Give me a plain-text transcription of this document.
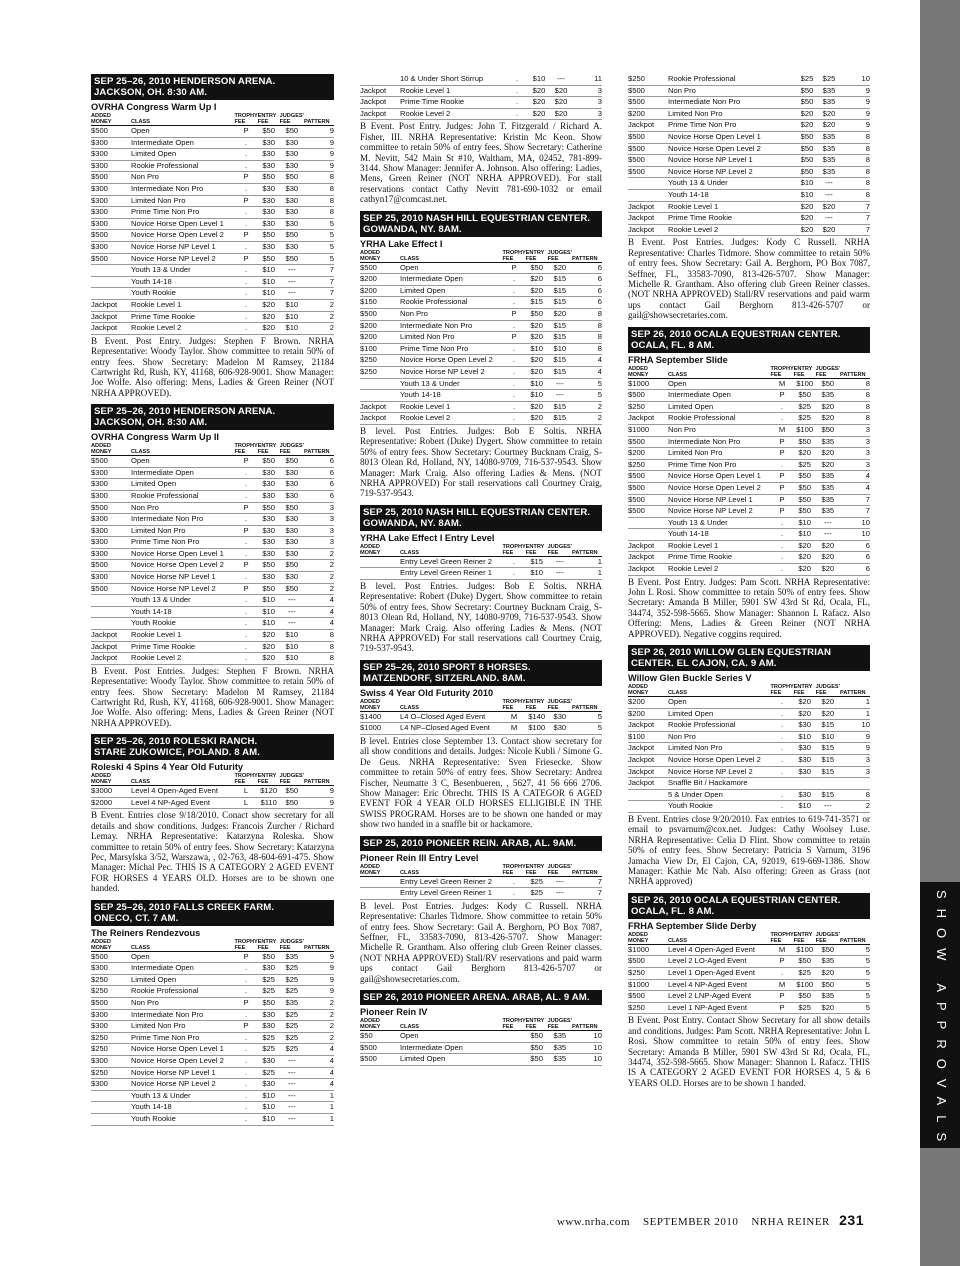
SEP 25–26, 2010 HENDERSON ARENA.
JACKSON, OH. 8:30 AM.
OVRHA Congress Warm Up I
ADDED MONEY	CLASS	TROPHY FEE	ENTRY FEE	JUDGES' FEE	PATTERN
$500	Open	P	$50	$50	9
$300	Intermediate Open	.	$30	$30	9
$300	Limited Open	.	$30	$30	9
$300	Rookie Professional	.	$30	$30	9
$500	Non Pro	P	$50	$50	8
$300	Intermediate Non Pro	.	$30	$30	8
$300	Limited Non Pro	P	$30	$30	8
$300	Prime Time Non Pro	.	$30	$30	8
$300	Novice Horse Open Level 1	.	$30	$30	5
$500	Novice Horse Open Level 2	P	$50	$50	5
$300	Novice Horse NP Level 1	.	$30	$30	5
$500	Novice Horse NP Level 2	P	$50	$50	5
	Youth 13 & Under	.	$10	---	7
	Youth 14-18	.	$10	---	7
	Youth Rookie	.	$10	---	7
Jackpot	Rookie Level 1	.	$20	$10	2
Jackpot	Prime Time Rookie	.	$20	$10	2
Jackpot	Rookie Level 2	.	$20	$10	2
B Event. Post Entry. Judges: Stephen F Brown. NRHA Representative: Woody Taylor. Show committee to retain 50% of entry fees. Show Secretary: Madelon M Ramsey, 21184 Cartwright Rd, Rush, KY, 41168, 606-928-9001. Show Manager: Joe Wolfe. Also offering: Mens, Ladies & Green Reiner (NOT NRHA APPROVED).
SEP 25–26, 2010 HENDERSON ARENA.
JACKSON, OH. 8:30 AM.
OVRHA Congress Warm Up II
ADDED MONEY	CLASS	TROPHY FEE	ENTRY FEE	JUDGES' FEE	PATTERN
$500	Open	P	$50	$50	6
$300	Intermediate Open	.	$30	$30	6
$300	Limited Open	.	$30	$30	6
$300	Rookie Professional	.	$30	$30	6
$500	Non Pro	P	$50	$50	3
$300	Intermediate Non Pro	.	$30	$30	3
$300	Limited Non Pro	P	$30	$30	3
$300	Prime Time Non Pro	.	$30	$30	3
$300	Novice Horse Open Level 1	.	$30	$30	2
$500	Novice Horse Open Level 2	P	$50	$50	2
$300	Novice Horse NP Level 1	.	$30	$30	2
$500	Novice Horse NP Level 2	P	$50	$50	2
	Youth 13 & Under	.	$10	---	4
	Youth 14-18	.	$10	---	4
	Youth Rookie	.	$10	---	4
Jackpot	Rookie Level 1	.	$20	$10	8
Jackpot	Prime Time Rookie	.	$20	$10	8
Jackpot	Rookie Level 2	.	$20	$10	8
B Event. Post Entries. Judges: Stephen F Brown. NRHA Representative: Woody Taylor. Show committee to retain 50% of entry fees. Show Secretary: Madelon M Ramsey, 21184 Cartwright Rd, Rush, KY, 41168, 606-928-9001. Show Manager: Joe Wolfe. Also offering: Mens, Ladies & Green Reiner (NOT NRHA APPROVED).
SEP 25–26, 2010 ROLESKI RANCH.
STARE ZUKOWICE, POLAND. 8 AM.
Roleski 4 Spins 4 Year Old Futurity
ADDED MONEY	CLASS	TROPHY FEE	ENTRY FEE	JUDGES' FEE	PATTERN
$3000	Level 4 Open-Aged Event	L	$120	$50	9
$2000	Level 4 NP-Aged Event	L	$110	$50	9
B Event. Entries close 9/18/2010. Conact show secretary for all details and show conditions. Judges: Francois Zurcher / Richard Lemay. NRHA Representative: Katarzyna Roleska. Show committee to retain 50% of entry fees. Show Secretary: Katarzyna Pec, Marsylska 3/52, Warszawa, , 02-763, 48-604-691-475. Show Manager: Michal Pec. THIS IS A CATEGORY 2 AGED EVENT FOR HORSES 4 YEARS OLD. Horses are to be shown one handed.
SEP 25–26, 2010 FALLS CREEK FARM.
ONECO, CT. 7 AM.
The Reiners Rendezvous
ADDED MONEY	CLASS	TROPHY FEE	ENTRY FEE	JUDGES' FEE	PATTERN
$500	Open	P	$50	$35	9
$300	Intermediate Open	.	$30	$25	9
$250	Limited Open	.	$25	$25	9
$250	Rookie Professional	.	$25	$25	9
$500	Non Pro	P	$50	$35	2
$300	Intermediate Non Pro	.	$30	$25	2
$300	Limited Non Pro	P	$30	$25	2
$250	Prime Time Non Pro	.	$25	$25	2
$250	Novice Horse Open Level 1	.	$25	$25	4
$300	Novice Horse Open Level 2	.	$30	---	4
$250	Novice Horse NP Level 1	.	$25	---	4
$300	Novice Horse NP Level 2	.	$30	---	4
	Youth 13 & Under	.	$10	---	1
	Youth 14-18	.	$10	---	1
	Youth Rookie	.	$10	---	1
	10 & Under Short Stirrup	.	$10	---	11
Jackpot	Rookie Level 1	.	$20	$20	3
Jackpot	Prime Time Rookie	.	$20	$20	3
Jackpot	Rookie Level 2	.	$20	$20	3
B Event. Post Entry. Judges: John T. Fitzgerald / Richard A. Fisher, III. NRHA Representative: Kristin Mc Keon. Show committee to retain 50% of entry fees. Show Secretary: Catherine M. Nevitt, 542 Main St #10, Waltham, MA, 02452, 781-899-3144. Show Manager: Jennifer A. Johnson. Also offering: Ladies, Mens, Green Reiner (NOT NRHA APPROVED). For stall reservations contact Cathy Nevitt 781-690-1032 or email cathyn17@comcast.net.
SEP 25, 2010 NASH HILL EQUESTRIAN CENTER.
GOWANDA, NY. 8AM.
YRHA Lake Effect I
ADDED MONEY	CLASS	TROPHY FEE	ENTRY FEE	JUDGES' FEE	PATTERN
$500	Open	P	$50	$20	6
$200	Intermediate Open	.	$20	$15	6
$200	Limited Open	.	$20	$15	6
$150	Rookie Professional	.	$15	$15	6
$500	Non Pro	P	$50	$20	8
$200	Intermediate Non Pro	.	$20	$15	8
$200	Limited Non Pro	P	$20	$15	8
$100	Prime Time Non Pro	.	$10	$10	8
$250	Novice Horse Open Level 2	.	$20	$15	4
$250	Novice Horse NP Level 2	.	$20	$15	4
	Youth 13 & Under	.	$10	---	5
	Youth 14-18	.	$10	---	5
Jackpot	Rookie Level 1	.	$20	$15	2
Jackpot	Rookie Level 2	.	$20	$15	2
B level. Post Entries. Judges: Bob E Soltis. NRHA Representative: Robert (Duke) Dygert. Show committee to retain 50% of entry fees. Show Secretary: Courtney Bucknam Craig, S-8013 Olean Rd, Holland, NY, 14080-9709, 716-537-9543. Show Manager: Mark Craig. Also offering Ladies & Mens. (NOT NRHA APPROVED) For stall reservations call Courtney Craig, 719-537-9543.
SEP 25, 2010 NASH HILL EQUESTRIAN CENTER.
GOWANDA, NY. 8AM.
YRHA Lake Effect I Entry Level
ADDED MONEY	CLASS	TROPHY FEE	ENTRY FEE	JUDGES' FEE	PATTERN
	Entry Level Green Reiner 2	.	$15	---	1
	Entry Level Green Reiner 1	.	$10	---	1
B level. Post Entries. Judges: Bob E Soltis. NRHA Representative: Robert (Duke) Dygert. Show committee to retain 50% of entry fees. Show Secretary: Courtney Bucknam Craig, S-8013 Olean Rd, Holland, NY, 14080-9709, 716-537-9543. Show Manager: Mark Craig. Also offering Ladies & Mens. (NOT NRHA APPROVED) For stall reservations call Courtney Craig, 719-537-9543.
SEP 25–26, 2010 SPORT 8 HORSES.
MATZENDORF, SITZERLAND. 8AM.
Swiss 4 Year Old Futurity 2010
ADDED MONEY	CLASS	TROPHY FEE	ENTRY FEE	JUDGES' FEE	PATTERN
$1400	L4 O–Closed Aged Event	M	$140	$30	5
$1000	L4 NP–Closed Aged Event	M	$100	$30	5
B level. Entries close September 13. Contact show secretary for all show conditions and details. Judges: Nicole Kubli / Simone G. De Geus. NRHA Representative: Sven Friesecke. Show committee to retain 50% of entry fees. Show Secretary: Andrea Fischer, Neumatte 3 C, Besenbueren, , 5627, 41 56 666 2706. Show Manager: Eric Obrecht. THIS IS A CATEGOR 6 AGED EVENT FOR 4 YEAR OLD HORSES ELLIGIBLE IN THE SWISS PROGRAM. Horses are to be shown one handed or may show two handed in a snaffle bit or hackamore.
SEP 25, 2010 PIONEER REIN. ARAB, AL. 9AM.
Pioneer Rein III Entry Level
ADDED MONEY	CLASS	TROPHY FEE	ENTRY FEE	JUDGES' FEE	PATTERN
	Entry Level Green Reiner 2	.	$25	---	7
	Entry Level Green Reiner 1	.	$25	---	7
B level. Post Entries. Judges: Kody C Russell. NRHA Representative: Charles Tidmore. Show committee to retain 50% of entry fees. Show Secretary: Gail A. Berghorn, PO Box 7087, Seffner, FL, 33583-7090, 813-426-5707. Show Manager: Michelle R. Grantham. Also offering club Green Reiner classes. (NOT NRHA APPROVED) Stall/RV reservations and paid warm ups contact Gail Berghorn 813-426-5707 or gail@showsecretaries.com.
SEP 26, 2010 PIONEER ARENA. ARAB, AL. 9 AM.
Pioneer Rein IV
ADDED MONEY	CLASS	TROPHY FEE	ENTRY FEE	JUDGES' FEE	PATTERN
$50	Open		$50	$35	10
$500	Intermediate Open		$50	$35	10
$500	Limited Open		$50	$35	10
$250	Rookie Professional		$25	$25	10
$500	Non Pro		$50	$35	9
$500	Intermediate Non Pro		$50	$35	9
$200	Limited Non Pro		$20	$20	9
Jackpot	Prime Time Non Pro		$20	$20	9
$500	Novice Horse Open Level 1		$50	$35	8
$500	Novice Horse Open Level 2		$50	$35	8
$500	Novice Horse NP Level 1		$50	$35	8
$500	Novice Horse NP Level 2		$50	$35	8
	Youth 13 & Under		$10	---	8
	Youth 14-18		$10	---	8
Jackpot	Rookie Level 1		$20	$20	7
Jackpot	Prime Time Rookie		$20	---	7
Jackpot	Rookie Level 2		$20	$20	7
B Event. Post Entries. Judges: Kody C Russell. NRHA Representative: Charles Tidmore. Show committee to retain 50% of entry fees. Show Secretary: Gail A. Berghorn, PO Box 7087, Seffner, FL, 33583-7090, 813-426-5707. Show Manager: Michelle R. Grantham. Also offering club Green Reiner classes. (NOT NRHA APPROVED) Stall/RV reservations and paid warm ups contact Gail Berghorn 813-426-5707 or gail@showsecretaries.com.
SEP 26, 2010 OCALA EQUESTRIAN CENTER.
OCALA, FL. 8 AM.
FRHA September Slide
ADDED MONEY	CLASS	TROPHY FEE	ENTRY FEE	JUDGES' FEE	PATTERN
$1000	Open	M	$100	$50	8
$500	Intermediate Open	P	$50	$35	8
$250	Limited Open	.	$25	$20	8
Jackpot	Rookie Professional	.	$25	$20	8
$1000	Non Pro	M	$100	$50	3
$500	Intermediate Non Pro	P	$50	$35	3
$200	Limited Non Pro	P	$20	$20	3
$250	Prime Time Non Pro	.	$25	$20	3
$500	Novice Horse Open Level 1	P	$50	$35	4
$500	Novice Horse Open Level 2	P	$50	$35	4
$500	Novice Horse NP Level 1	P	$50	$35	7
$500	Novice Horse NP Level 2	P	$50	$35	7
	Youth 13 & Under	.	$10	---	10
	Youth 14-18	.	$10	---	10
Jackpot	Rookie Level 1	.	$20	$20	6
Jackpot	Prime Time Rookie	.	$20	$20	6
Jackpot	Rookie Level 2	.	$20	$20	6
B Event. Post Entry. Judges: Pam Scott. NRHA Representative: John L Rosi. Show committee to retain 50% of entry fees. Show Secretary: Amanda B Miller, 5901 SW 43rd St Rd, Ocala, FL, 34474, 352-598-5665. Show Manager: Shannon L Rafacz. Also Offering: Mens, Ladies & Green Reiner (NOT NRHA APPROVED). Negative coggins required.
SEP 26, 2010 WILLOW GLEN EQUESTRIAN
CENTER. EL CAJON, CA. 9 AM.
Willow Glen Buckle Series V
ADDED MONEY	CLASS	TROPHY FEE	ENTRY FEE	JUDGES' FEE	PATTERN
$200	Open	.	$20	$20	1
$200	Limited Open	.	$20	$20	1
Jackpot	Rookie Professional	.	$30	$15	10
$100	Non Pro	.	$10	$10	9
Jackpot	Limited Non Pro	.	$30	$15	9
Jackpot	Novice Horse Open Level 2	.	$30	$15	3
Jackpot	Novice Horse NP Level 2	.	$30	$15	3
Jackpot	Snaffle Bit / Hackamore				
	5 & Under Open	.	$30	$15	8
	Youth Rookie	.	$10	---	2
B Event. Entries close 9/20/2010. Fax entries to 619-741-3571 or email to psvarnum@cox.net. Judges: Cathy Woolsey Luse. NRHA Representative: Celia D Flint. Show committee to retain 50% of entry fees. Show Secretary: Patricia S Varnum, 3196 Jamacha View Dr, El Cajon, CA, 92019, 619-669-1386. Show Manager: Kathie Mc Nab. Also offering: Green as Grass (not NRHA approved)
SEP 26, 2010 OCALA EQUESTRIAN CENTER.
OCALA, FL. 8 AM.
FRHA September Slide Derby
ADDED MONEY	CLASS	TROPHY FEE	ENTRY FEE	JUDGES' FEE	PATTERN
$1000	Level 4 Open-Aged Event	M	$100	$50	5
$500	Level 2 LO-Aged Event	P	$50	$35	5
$250	Level 1 Open-Aged Event	.	$25	$20	5
$1000	Level 4 NP-Aged Event	M	$100	$50	5
$500	Level 2 LNP-Aged Event	P	$50	$35	5
$250	Level 1 NP-Aged Event	P	$25	$20	5
B Event. Post Entry. Contact Show Secretary for all show details and conditions. Judges: Pam Scott. NRHA Representative: John L Rosi. Show committee to retain 50% of entry fees. Show Secretary: Amanda B Miller, 5901 SW 43rd St Rd, Ocala, FL, 34474, 352-598-5665. Show Manager: Shannon L Rafacz. THIS IS A CATEGORY 2 AGED EVENT FOR HORSES 4, 5 & 6 YEARS OLD. Horses are to be shown 1 handed.	SHOW APPROVALS
www.nrha.com SEPTEMBER 2010 NRHA REINER 231
